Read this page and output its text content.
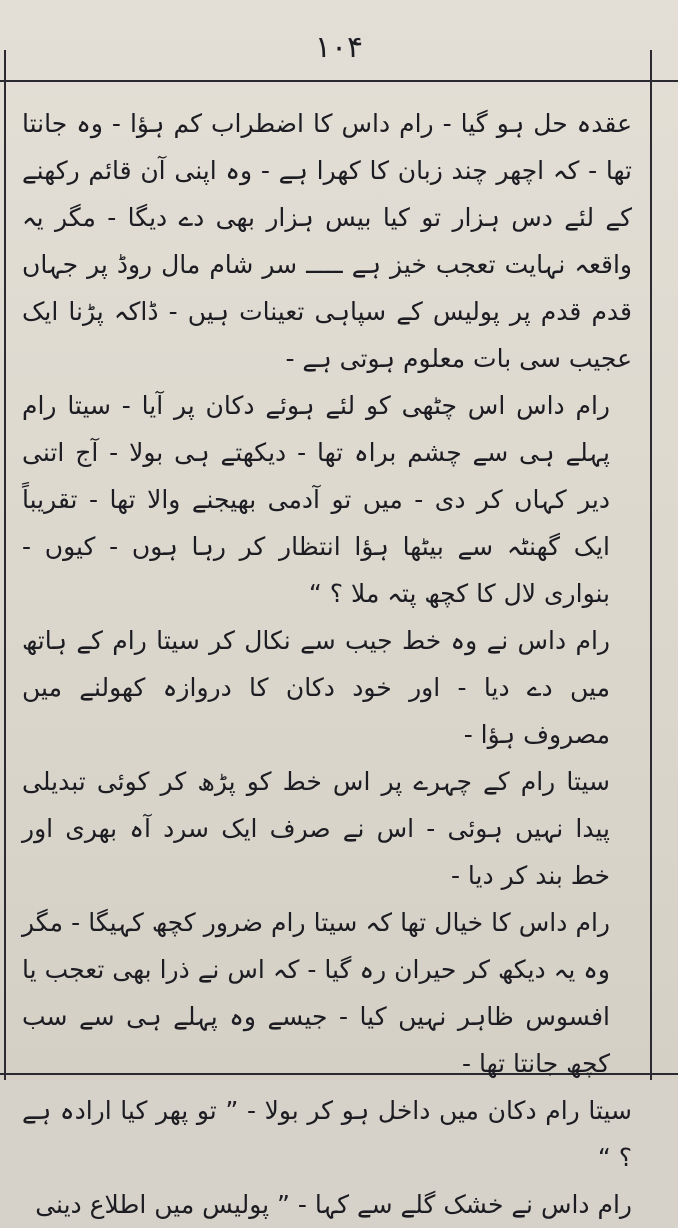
۱۰۴

عقدہ حل ہو گیا - رام داس کا اضطراب کم ہؤا - وہ جانتا تھا - کہ اچھر چند زبان کا کھرا ہے - وہ اپنی آن قائم رکھنے کے لئے دس ہزار تو کیا بیس ہزار بھی دے دیگا - مگر یہ واقعہ نہایت تعجب خیز ہے ـــــ سر شام مال روڈ پر جہاں قدم قدم پر پولیس کے سپاہی تعینات ہیں - ڈاکہ پڑنا ایک عجیب سی بات معلوم ہوتی ہے -

رام داس اس چٹھی کو لئے ہوئے دکان پر آیا - سیتا رام پہلے ہی سے چشم براہ تھا - دیکھتے ہی بولا - آج اتنی دیر کہاں کر دی - میں تو آدمی بھیجنے والا تھا - تقریباً ایک گھنٹہ سے بیٹھا ہؤا انتظار کر رہا ہوں - کیوں - بنواری لال کا کچھ پتہ ملا ؟ “

رام داس نے وہ خط جیب سے نکال کر سیتا رام کے ہاتھ میں دے دیا - اور خود دکان کا دروازہ کھولنے میں مصروف ہؤا -

سیتا رام کے چہرے پر اس خط کو پڑھ کر کوئی تبدیلی پیدا نہیں ہوئی - اس نے صرف ایک سرد آہ بھری اور خط بند کر دیا -

رام داس کا خیال تھا کہ سیتا رام ضرور کچھ کہیگا - مگر وہ یہ دیکھ کر حیران رہ گیا - کہ اس نے ذرا بھی تعجب یا افسوس ظاہر نہیں کیا - جیسے وہ پہلے ہی سے سب کچھ جانتا تھا -

سیتا رام دکان میں داخل ہو کر بولا - ” تو پھر کیا ارادہ ہے ؟ “

رام داس نے خشک گلے سے کہا - ” پولیس میں اطلاع دینی
